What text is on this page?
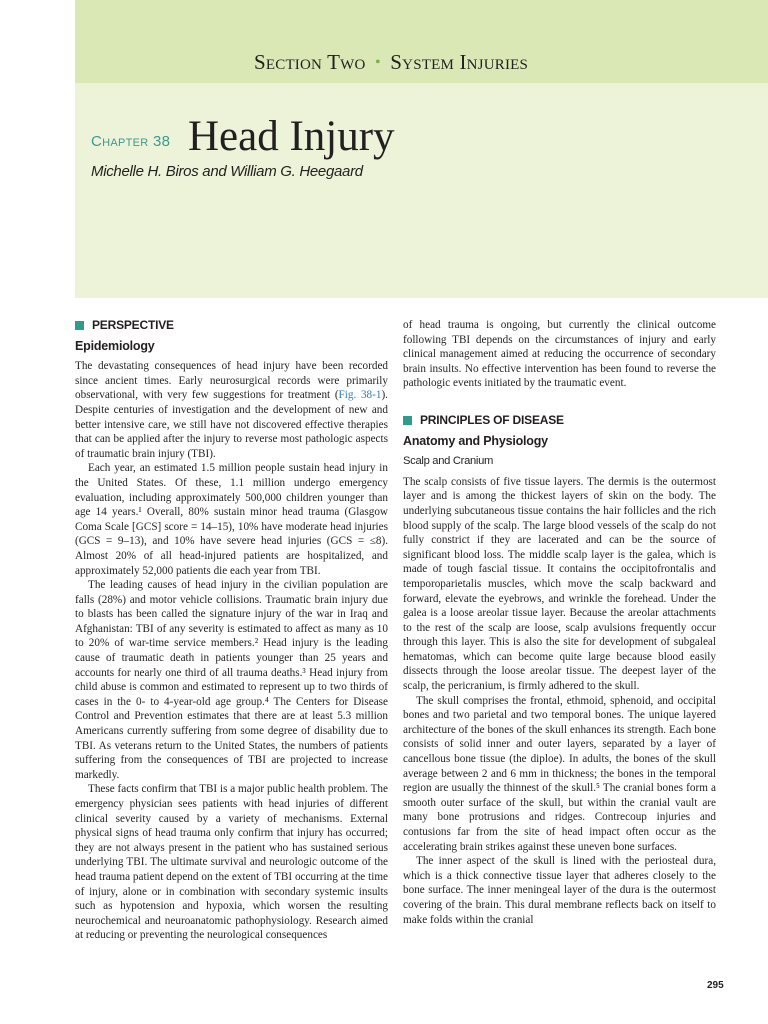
Section Two • System Injuries
Chapter 38 Head Injury
Michelle H. Biros and William G. Heegaard
PERSPECTIVE
Epidemiology

The devastating consequences of head injury have been recorded since ancient times. Early neurosurgical records were primarily observational, with very few suggestions for treatment (Fig. 38-1). Despite centuries of investigation and the development of new and better intensive care, we still have not discovered effective therapies that can be applied after the injury to reverse most pathologic aspects of traumatic brain injury (TBI).

Each year, an estimated 1.5 million people sustain head injury in the United States. Of these, 1.1 million undergo emergency evaluation, including approximately 500,000 children younger than age 14 years.¹ Overall, 80% sustain minor head trauma (Glasgow Coma Scale [GCS] score = 14–15), 10% have moderate head injuries (GCS = 9–13), and 10% have severe head injuries (GCS = ≤8). Almost 20% of all head-injured patients are hospitalized, and approximately 52,000 patients die each year from TBI.

The leading causes of head injury in the civilian population are falls (28%) and motor vehicle collisions. Traumatic brain injury due to blasts has been called the signature injury of the war in Iraq and Afghanistan: TBI of any severity is estimated to affect as many as 10 to 20% of war-time service members.² Head injury is the leading cause of traumatic death in patients younger than 25 years and accounts for nearly one third of all trauma deaths.³ Head injury from child abuse is common and estimated to represent up to two thirds of cases in the 0- to 4-year-old age group.⁴ The Centers for Disease Control and Prevention estimates that there are at least 5.3 million Americans currently suffering from some degree of disability due to TBI. As veterans return to the United States, the numbers of patients suffering from the consequences of TBI are projected to increase markedly.

These facts confirm that TBI is a major public health problem. The emergency physician sees patients with head injuries of different clinical severity caused by a variety of mechanisms. External physical signs of head trauma only confirm that injury has occurred; they are not always present in the patient who has sustained serious underlying TBI. The ultimate survival and neurologic outcome of the head trauma patient depend on the extent of TBI occurring at the time of injury, alone or in combination with secondary systemic insults such as hypotension and hypoxia, which worsen the resulting neurochemical and neuroanatomic pathophysiology. Research aimed at reducing or preventing the neurological consequences

of head trauma is ongoing, but currently the clinical outcome following TBI depends on the circumstances of injury and early clinical management aimed at reducing the occurrence of secondary brain insults. No effective intervention has been found to reverse the pathologic events initiated by the traumatic event.

PRINCIPLES OF DISEASE
Anatomy and Physiology
Scalp and Cranium

The scalp consists of five tissue layers. The dermis is the outermost layer and is among the thickest layers of skin on the body. The underlying subcutaneous tissue contains the hair follicles and the rich blood supply of the scalp. The large blood vessels of the scalp do not fully constrict if they are lacerated and can be the source of significant blood loss. The middle scalp layer is the galea, which is made of tough fascial tissue. It contains the occipitofrontalis and temporoparietalis muscles, which move the scalp backward and forward, elevate the eyebrows, and wrinkle the forehead. Under the galea is a loose areolar tissue layer. Because the areolar attachments to the rest of the scalp are loose, scalp avulsions frequently occur through this layer. This is also the site for development of subgaleal hematomas, which can become quite large because blood easily dissects through the loose areolar tissue. The deepest layer of the scalp, the pericranium, is firmly adhered to the skull.

The skull comprises the frontal, ethmoid, sphenoid, and occipital bones and two parietal and two temporal bones. The unique layered architecture of the bones of the skull enhances its strength. Each bone consists of solid inner and outer layers, separated by a layer of cancellous bone tissue (the diploe). In adults, the bones of the skull average between 2 and 6 mm in thickness; the bones in the temporal region are usually the thinnest of the skull.⁵ The cranial bones form a smooth outer surface of the skull, but within the cranial vault are many bone protrusions and ridges. Contrecoup injuries and contusions far from the site of head impact often occur as the accelerating brain strikes against these uneven bone surfaces.

The inner aspect of the skull is lined with the periosteal dura, which is a thick connective tissue layer that adheres closely to the bone surface. The inner meningeal layer of the dura is the outermost covering of the brain. This dural membrane reflects back on itself to make folds within the cranial

295
